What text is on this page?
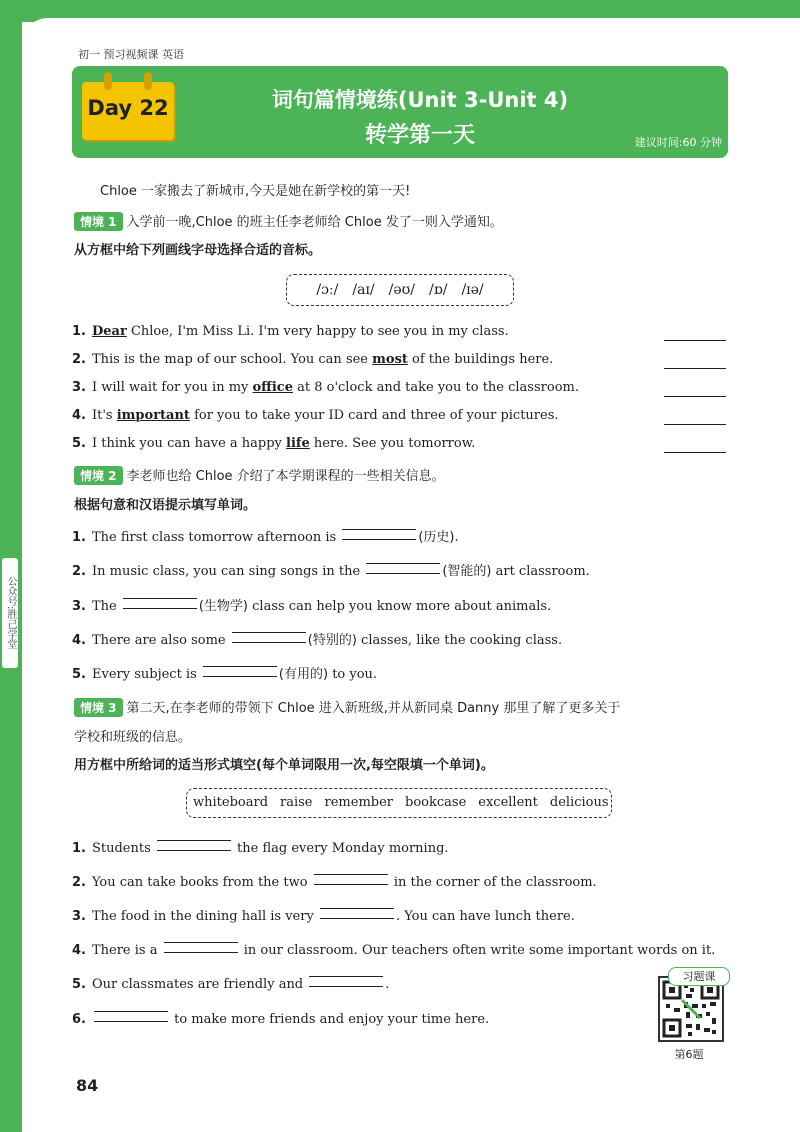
公众号:胜己学堂
初一 预习视频课 英语
Day 22	词句篇情境练(Unit 3-Unit 4)
转学第一天	建议时间:60 分钟
Chloe 一家搬去了新城市,今天是她在新学校的第一天!
情境 1 入学前一晚,Chloe 的班主任李老师给 Chloe 发了一则入学通知。
从方框中给下列画线字母选择合适的音标。
/ɔː/ /aɪ/ /əʊ/ /ɒ/ /ɪə/
1. Dear Chloe, I'm Miss Li. I'm very happy to see you in my class.
2. This is the map of our school. You can see most of the buildings here.
3. I will wait for you in my office at 8 o'clock and take you to the classroom.
4. It's important for you to take your ID card and three of your pictures.
5. I think you can have a happy life here. See you tomorrow.
情境 2 李老师也给 Chloe 介绍了本学期课程的一些相关信息。
根据句意和汉语提示填写单词。
1. The first class tomorrow afternoon is	(历史).
2. In music class, you can sing songs in the	(智能的) art classroom.
3. The	(生物学) class can help you know more about animals.
4. There are also some	(特别的) classes, like the cooking class.
5. Every subject is	(有用的) to you.
情境 3 第二天,在李老师的带领下 Chloe 进入新班级,并从新同桌 Danny 那里了解了更多关于
学校和班级的信息。
用方框中所给词的适当形式填空(每个单词限用一次,每空限填一个单词)。
whiteboard raise remember bookcase excellent delicious
1. Students	the flag every Monday morning.
2. You can take books from the two	in the corner of the classroom.
3. The food in the dining hall is very	. You can have lunch there.
4. There is a	in our classroom. Our teachers often write some important words on it.
5. Our classmates are friendly and	.
6.	to make more friends and enjoy your time here.
习题课
第6题
84
